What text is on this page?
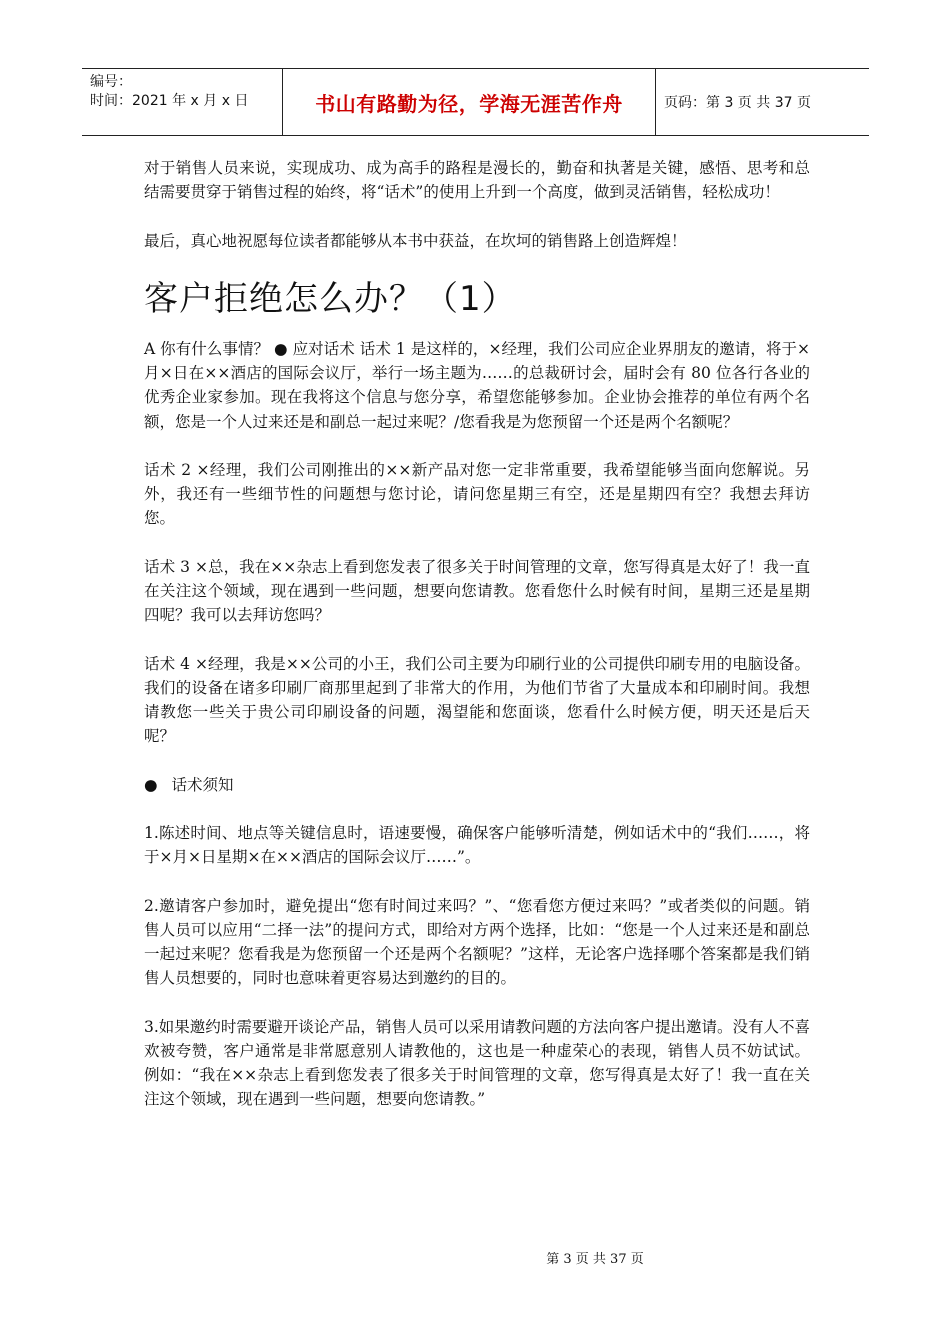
编号：
时间：2021 年 x 月 x 日	书山有路勤为径，学海无涯苦作舟	页码：第 3 页 共 37 页

对于销售人员来说，实现成功、成为高手的路程是漫长的，勤奋和执著是关键，感悟、思考和总结需要贯穿于销售过程的始终，将“话术”的使用上升到一个高度，做到灵活销售，轻松成功！

最后，真心地祝愿每位读者都能够从本书中获益，在坎坷的销售路上创造辉煌！

客户拒绝怎么办？（1）

A 你有什么事情？ ● 应对话术 话术 1 是这样的，×经理，我们公司应企业界朋友的邀请，将于×月×日在××酒店的国际会议厅，举行一场主题为……的总裁研讨会，届时会有 80 位各行各业的优秀企业家参加。现在我将这个信息与您分享，希望您能够参加。企业协会推荐的单位有两个名额，您是一个人过来还是和副总一起过来呢？/您看我是为您预留一个还是两个名额呢？

话术 2 ×经理，我们公司刚推出的××新产品对您一定非常重要，我希望能够当面向您解说。另外，我还有一些细节性的问题想与您讨论，请问您星期三有空，还是星期四有空？我想去拜访您。

话术 3 ×总，我在××杂志上看到您发表了很多关于时间管理的文章，您写得真是太好了！我一直在关注这个领域，现在遇到一些问题，想要向您请教。您看您什么时候有时间，星期三还是星期四呢？我可以去拜访您吗？

话术 4 ×经理，我是××公司的小王，我们公司主要为印刷行业的公司提供印刷专用的电脑设备。我们的设备在诸多印刷厂商那里起到了非常大的作用，为他们节省了大量成本和印刷时间。我想请教您一些关于贵公司印刷设备的问题，渴望能和您面谈，您看什么时候方便，明天还是后天呢？

● 话术须知

1.陈述时间、地点等关键信息时，语速要慢，确保客户能够听清楚，例如话术中的“我们……，将于×月×日星期×在××酒店的国际会议厅……”。

2.邀请客户参加时，避免提出“您有时间过来吗？”、“您看您方便过来吗？”或者类似的问题。销售人员可以应用“二择一法”的提问方式，即给对方两个选择，比如：“您是一个人过来还是和副总一起过来呢？您看我是为您预留一个还是两个名额呢？”这样，无论客户选择哪个答案都是我们销售人员想要的，同时也意味着更容易达到邀约的目的。

3.如果邀约时需要避开谈论产品，销售人员可以采用请教问题的方法向客户提出邀请。没有人不喜欢被夸赞，客户通常是非常愿意别人请教他的，这也是一种虚荣心的表现，销售人员不妨试试。例如：“我在××杂志上看到您发表了很多关于时间管理的文章，您写得真是太好了！我一直在关注这个领域，现在遇到一些问题，想要向您请教。”

第 3 页 共 37 页
